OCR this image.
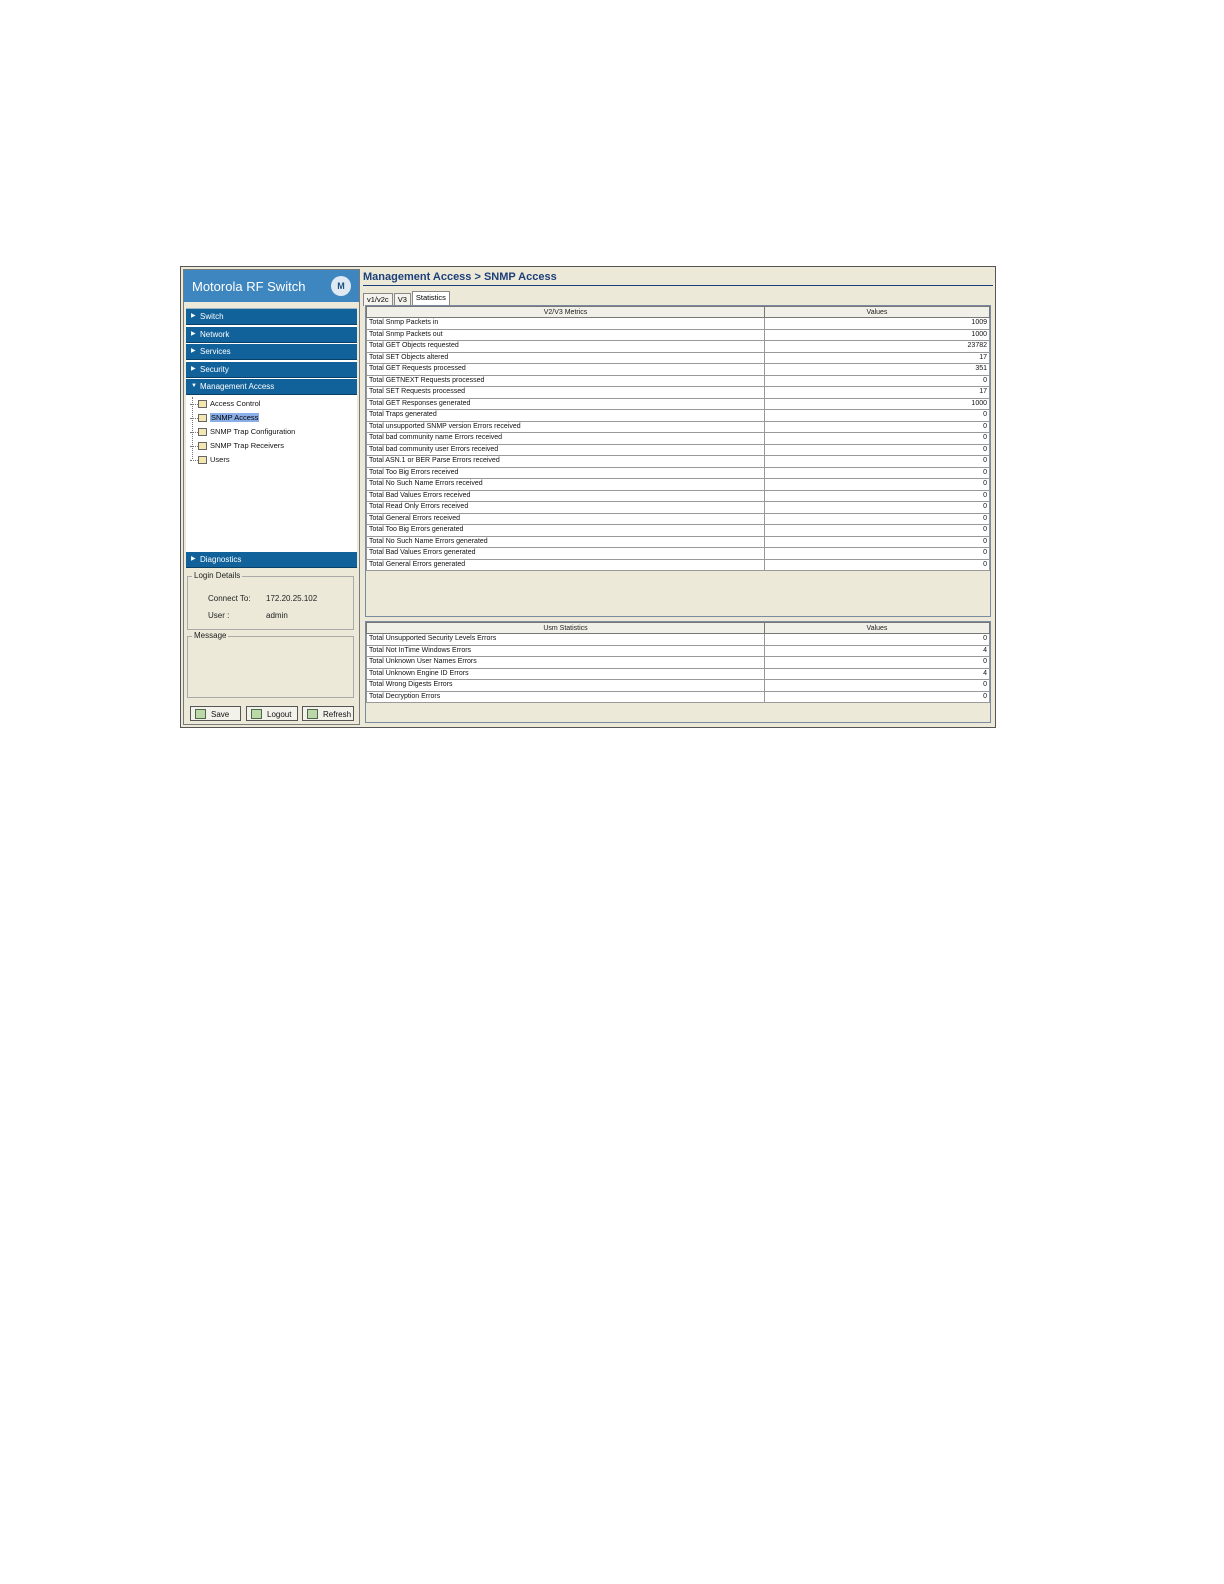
Motorola RF Switch	M
▶ Switch
▶ Network
▶ Services
▶ Security
▼ Management Access
Access Control
SNMP Access
SNMP Trap Configuration
SNMP Trap Receivers
Users
▶ Diagnostics
Login Details
Connect To: 172.20.25.102
User :	admin
Message
Save	Logout	Refresh
Management Access > SNMP Access
v1/v2c V3 Statistics
V2/V3 Metrics	Values
Total Snmp Packets in	1009
Total Snmp Packets out	1000
Total GET Objects requested	23782
Total SET Objects altered	17
Total GET Requests processed	351
Total GETNEXT Requests processed	0
Total SET Requests processed	17
Total GET Responses generated	1000
Total Traps generated	0
Total unsupported SNMP version Errors received	0
Total bad community name Errors received	0
Total bad community user Errors received	0
Total ASN.1 or BER Parse Errors received	0
Total Too Big Errors received	0
Total No Such Name Errors received	0
Total Bad Values Errors received	0
Total Read Only Errors received	0
Total General Errors received	0
Total Too Big Errors generated	0
Total No Such Name Errors generated	0
Total Bad Values Errors generated	0
Total General Errors generated	0
Usm Statistics	Values
Total Unsupported Security Levels Errors	0
Total Not InTime Windows Errors	4
Total Unknown User Names Errors	0
Total Unknown Engine ID Errors	4
Total Wrong Digests Errors	0
Total Decryption Errors	0
